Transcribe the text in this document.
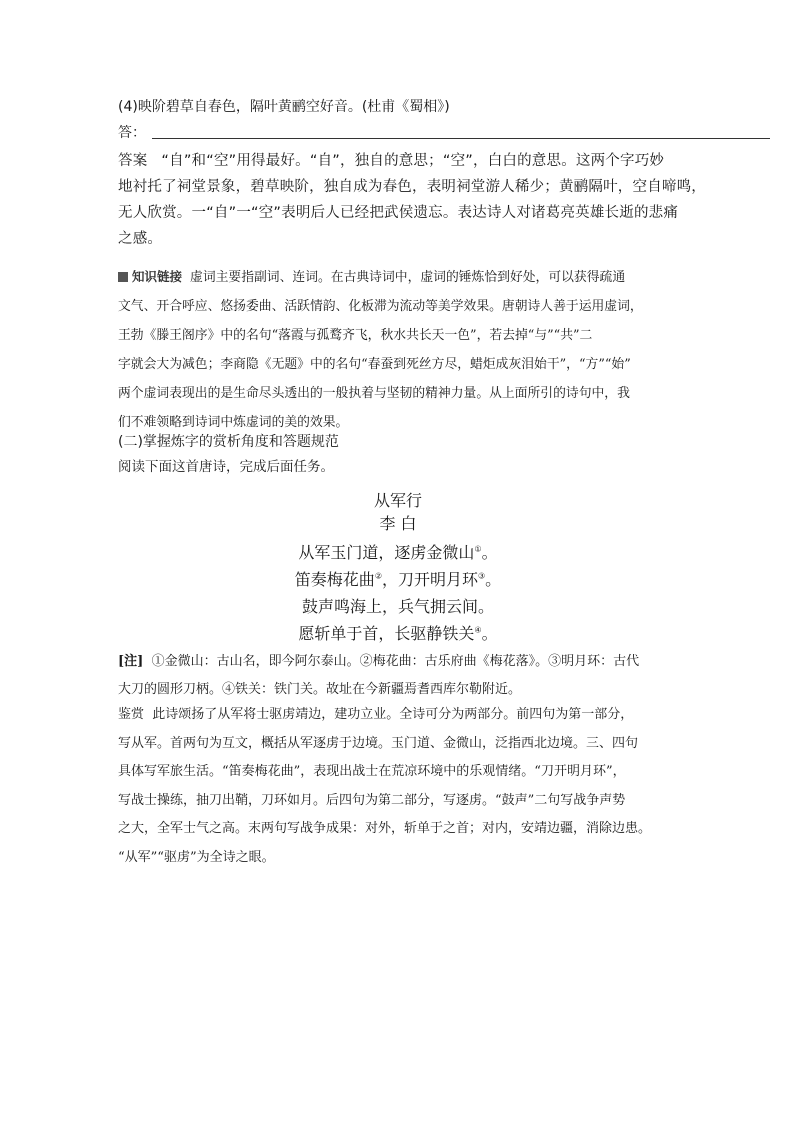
(4)映阶碧草自春色，隔叶黄鹂空好音。(杜甫《蜀相》)
答：

答案 “自”和“空”用得最好。“自”，独自的意思；“空”，白白的意思。这两个字巧妙

地衬托了祠堂景象，碧草映阶，独自成为春色，表明祠堂游人稀少；黄鹂隔叶，空自啼鸣，

无人欣赏。一“自”一“空”表明后人已经把武侯遗忘。表达诗人对诸葛亮英雄长逝的悲痛

之感。

知识链接 虚词主要指副词、连词。在古典诗词中，虚词的锤炼恰到好处，可以获得疏通

文气、开合呼应、悠扬委曲、活跃情韵、化板滞为流动等美学效果。唐朝诗人善于运用虚词，

王勃《滕王阁序》中的名句“落霞与孤鹜齐飞，秋水共长天一色”，若去掉“与”“共”二

字就会大为减色；李商隐《无题》中的名句“春蚕到死丝方尽，蜡炬成灰泪始干”，“方”“始”

两个虚词表现出的是生命尽头透出的一般执着与坚韧的精神力量。从上面所引的诗句中，我

们不难领略到诗词中炼虚词的美的效果。

(二)掌握炼字的赏析角度和答题规范
阅读下面这首唐诗，完成后面任务。
从军行
李 白
从军玉门道，逐虏金微山①。
笛奏梅花曲②，刀开明月环③。
鼓声鸣海上，兵气拥云间。
愿斩单于首，长驱静铁关④。

[注] ①金微山：古山名，即今阿尔泰山。②梅花曲：古乐府曲《梅花落》。③明月环：古代

大刀的圆形刀柄。④铁关：铁门关。故址在今新疆焉耆西库尔勒附近。

鉴赏 此诗颂扬了从军将士驱虏靖边，建功立业。全诗可分为两部分。前四句为第一部分，

写从军。首两句为互文，概括从军逐虏于边境。玉门道、金微山，泛指西北边境。三、四句

具体写军旅生活。“笛奏梅花曲”，表现出战士在荒凉环境中的乐观情绪。“刀开明月环”，

写战士操练，抽刀出鞘，刀环如月。后四句为第二部分，写逐虏。“鼓声”二句写战争声势

之大，全军士气之高。末两句写战争成果：对外，斩单于之首；对内，安靖边疆，消除边患。

“从军”“驱虏”为全诗之眼。
